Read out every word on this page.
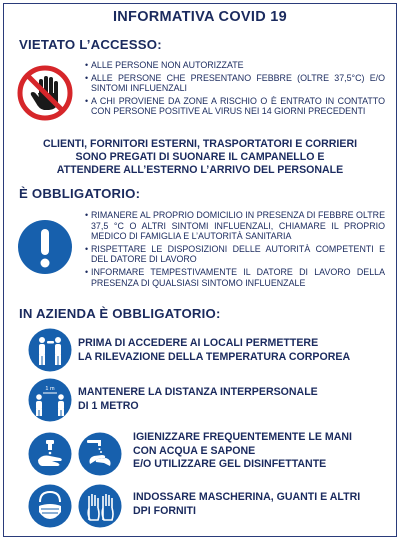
INFORMATIVA COVID 19
VIETATO L’ACCESSO:
• ALLE PERSONE NON AUTORIZZATE
• ALLE PERSONE CHE PRESENTANO FEBBRE (OLTRE 37,5°C) E/O SINTOMI INFLUENZALI
• A CHI PROVIENE DA ZONE A RISCHIO O È ENTRATO IN CONTATTO CON PERSONE POSITIVE AL VIRUS NEI 14 GIORNI PRECEDENTI
CLIENTI, FORNITORI ESTERNI, TRASPORTATORI E CORRIERI
SONO PREGATI DI SUONARE IL CAMPANELLO E
ATTENDERE ALL’ESTERNO L’ARRIVO DEL PERSONALE
È OBBLIGATORIO:
• RIMANERE AL PROPRIO DOMICILIO IN PRESENZA DI FEBBRE OLTRE 37,5 °C O ALTRI SINTOMI INFLUENZALI, CHIAMARE IL PROPRIO MEDICO DI FAMIGLIA E L’AUTORITÀ SANITARIA
• RISPETTARE LE DISPOSIZIONI DELLE AUTORITÀ COMPETENTI E DEL DATORE DI LAVORO
• INFORMARE TEMPESTIVAMENTE IL DATORE DI LAVORO DELLA PRESENZA DI QUALSIASI SINTOMO INFLUENZALE
IN AZIENDA È OBBLIGATORIO:
PRIMA DI ACCEDERE AI LOCALI PERMETTERE
LA RILEVAZIONE DELLA TEMPERATURA CORPOREA
1 m MANTENERE LA DISTANZA INTERPERSONALE
DI 1 METRO
IGIENIZZARE FREQUENTEMENTE LE MANI
CON ACQUA E SAPONE
E/O UTILIZZARE GEL DISINFETTANTE
INDOSSARE MASCHERINA, GUANTI E ALTRI
DPI FORNITI
